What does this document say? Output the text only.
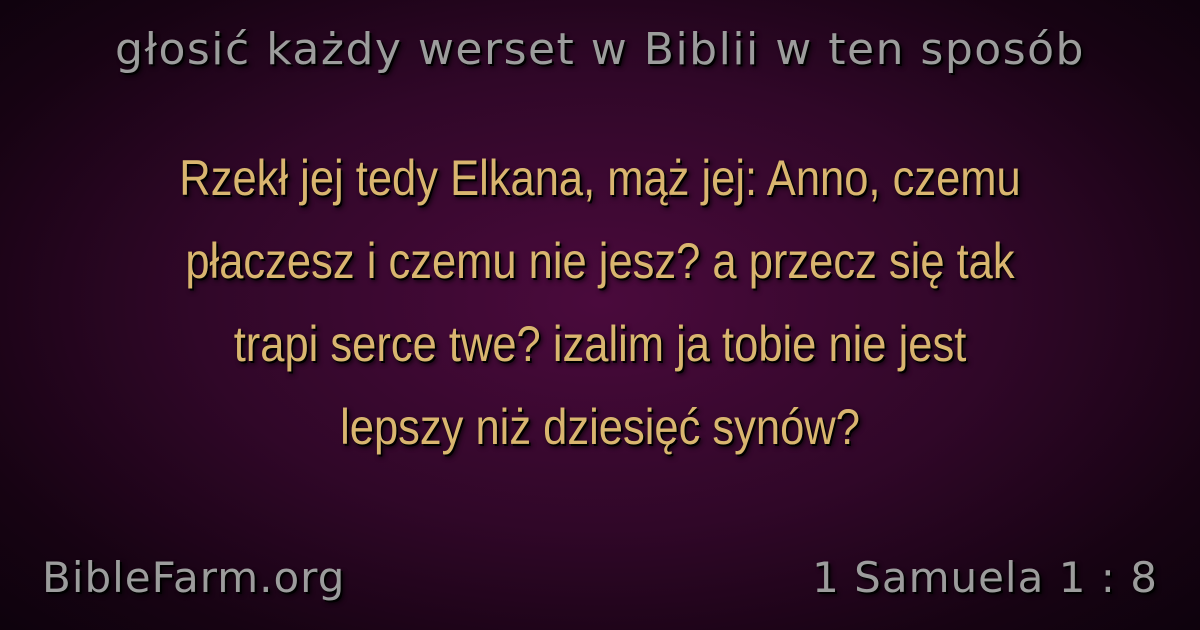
głosić każdy werset w Biblii w ten sposób
Rzekł jej tedy Elkana, mąż jej: Anno, czemu
płaczesz i czemu nie jesz? a przecz się tak
trapi serce twe? izalim ja tobie nie jest
lepszy niż dziesięć synów?
BibleFarm.org	1 Samuela 1 : 8
